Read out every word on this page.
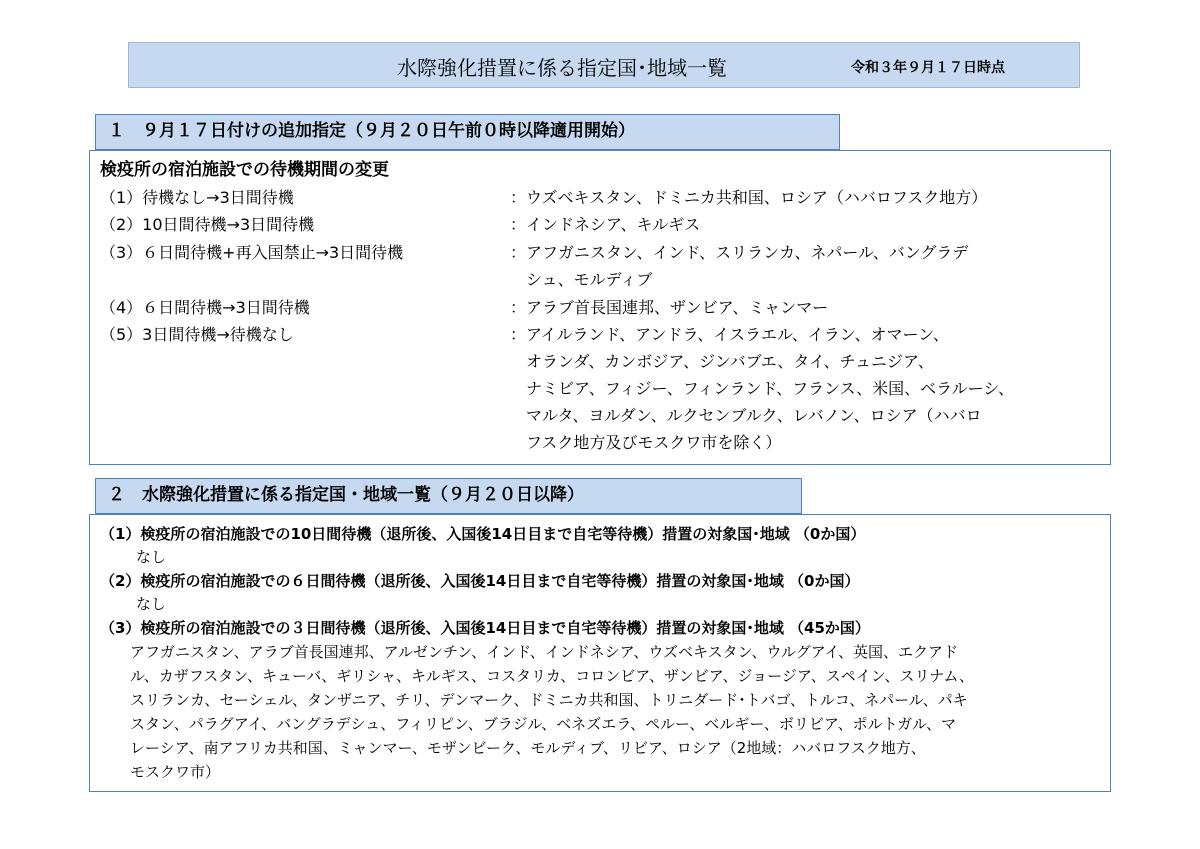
水際強化措置に係る指定国･地域一覧	令和３年９月１７日時点
１　９月１７日付けの追加指定（９月２０日午前０時以降適用開始）
検疫所の宿泊施設での待機期間の変更
（1）待機なし→3日間待機	： ウズベキスタン、ドミニカ共和国、ロシア（ハバロフスク地方）
（2）10日間待機→3日間待機	： インドネシア、キルギス
（3）６日間待機+再入国禁止→3日間待機	： アフガニスタン、インド、スリランカ、ネパール、バングラデ
シュ、モルディブ
（4）６日間待機→3日間待機	： アラブ首長国連邦、ザンビア、ミャンマー
（5）3日間待機→待機なし	： アイルランド、アンドラ、イスラエル、イラン、オマーン、
オランダ、カンボジア、ジンバブエ、タイ、チュニジア、
ナミビア、フィジー、フィンランド、フランス、米国、ベラルーシ、
マルタ、ヨルダン、ルクセンブルク、レバノン、ロシア（ハバロ
フスク地方及びモスクワ市を除く）
２　水際強化措置に係る指定国・地域一覧（９月２０日以降）
（1）検疫所の宿泊施設での10日間待機（退所後、入国後14日目まで自宅等待機）措置の対象国･地域 （0か国）
なし
（2）検疫所の宿泊施設での６日間待機（退所後、入国後14日目まで自宅等待機）措置の対象国･地域 （0か国）
なし
（3）検疫所の宿泊施設での３日間待機（退所後、入国後14日目まで自宅等待機）措置の対象国･地域 （45か国）
アフガニスタン、アラブ首長国連邦、アルゼンチン、インド、インドネシア、ウズベキスタン、ウルグアイ、英国、エクアド
ル、カザフスタン、キューバ、ギリシャ、キルギス、コスタリカ、コロンビア、ザンビア、ジョージア、スペイン、スリナム、
スリランカ、セーシェル、タンザニア、チリ、デンマーク、ドミニカ共和国、トリニダード･トバゴ、トルコ、ネパール、パキ
スタン、パラグアイ、バングラデシュ、フィリピン、ブラジル、ベネズエラ、ペルー、ベルギー、ボリビア、ポルトガル、マ
レーシア、南アフリカ共和国、ミャンマー、モザンビーク、モルディブ、リビア、ロシア（2地域：ハバロフスク地方、
モスクワ市）
